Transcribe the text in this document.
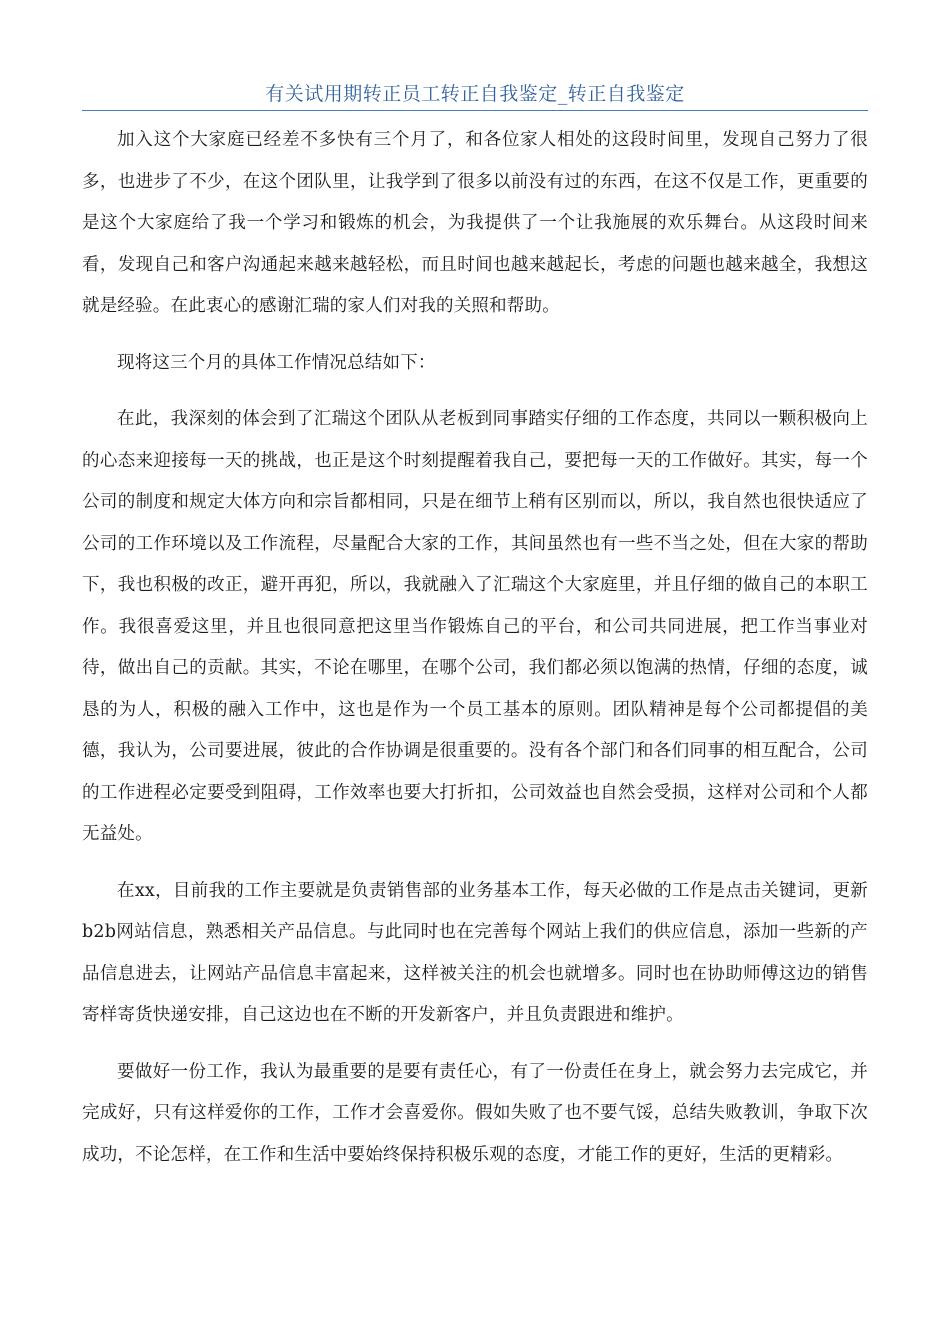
有关试用期转正员工转正自我鉴定_转正自我鉴定

加入这个大家庭已经差不多快有三个月了，和各位家人相处的这段时间里，发现自己努力了很多，也进步了不少，在这个团队里，让我学到了很多以前没有过的东西，在这不仅是工作，更重要的是这个大家庭给了我一个学习和锻炼的机会，为我提供了一个让我施展的欢乐舞台。从这段时间来看，发现自己和客户沟通起来越来越轻松，而且时间也越来越起长，考虑的问题也越来越全，我想这就是经验。在此衷心的感谢汇瑞的家人们对我的关照和帮助。

现将这三个月的具体工作情况总结如下：

在此，我深刻的体会到了汇瑞这个团队从老板到同事踏实仔细的工作态度，共同以一颗积极向上的心态来迎接每一天的挑战，也正是这个时刻提醒着我自己，要把每一天的工作做好。其实，每一个公司的制度和规定大体方向和宗旨都相同，只是在细节上稍有区别而以，所以，我自然也很快适应了公司的工作环境以及工作流程，尽量配合大家的工作，其间虽然也有一些不当之处，但在大家的帮助下，我也积极的改正，避开再犯，所以，我就融入了汇瑞这个大家庭里，并且仔细的做自己的本职工作。我很喜爱这里，并且也很同意把这里当作锻炼自己的平台，和公司共同进展，把工作当事业对待，做出自己的贡献。其实，不论在哪里，在哪个公司，我们都必须以饱满的热情，仔细的态度，诚恳的为人，积极的融入工作中，这也是作为一个员工基本的原则。团队精神是每个公司都提倡的美德，我认为，公司要进展，彼此的合作协调是很重要的。没有各个部门和各们同事的相互配合，公司的工作进程必定要受到阻碍，工作效率也要大打折扣，公司效益也自然会受损，这样对公司和个人都无益处。

在xx，目前我的工作主要就是负责销售部的业务基本工作，每天必做的工作是点击关键词，更新b2b网站信息，熟悉相关产品信息。与此同时也在完善每个网站上我们的供应信息，添加一些新的产品信息进去，让网站产品信息丰富起来，这样被关注的机会也就增多。同时也在协助师傅这边的销售寄样寄货快递安排，自己这边也在不断的开发新客户，并且负责跟进和维护。

要做好一份工作，我认为最重要的是要有责任心，有了一份责任在身上，就会努力去完成它，并完成好，只有这样爱你的工作，工作才会喜爱你。假如失败了也不要气馁，总结失败教训，争取下次成功，不论怎样，在工作和生活中要始终保持积极乐观的态度，才能工作的更好，生活的更精彩。
